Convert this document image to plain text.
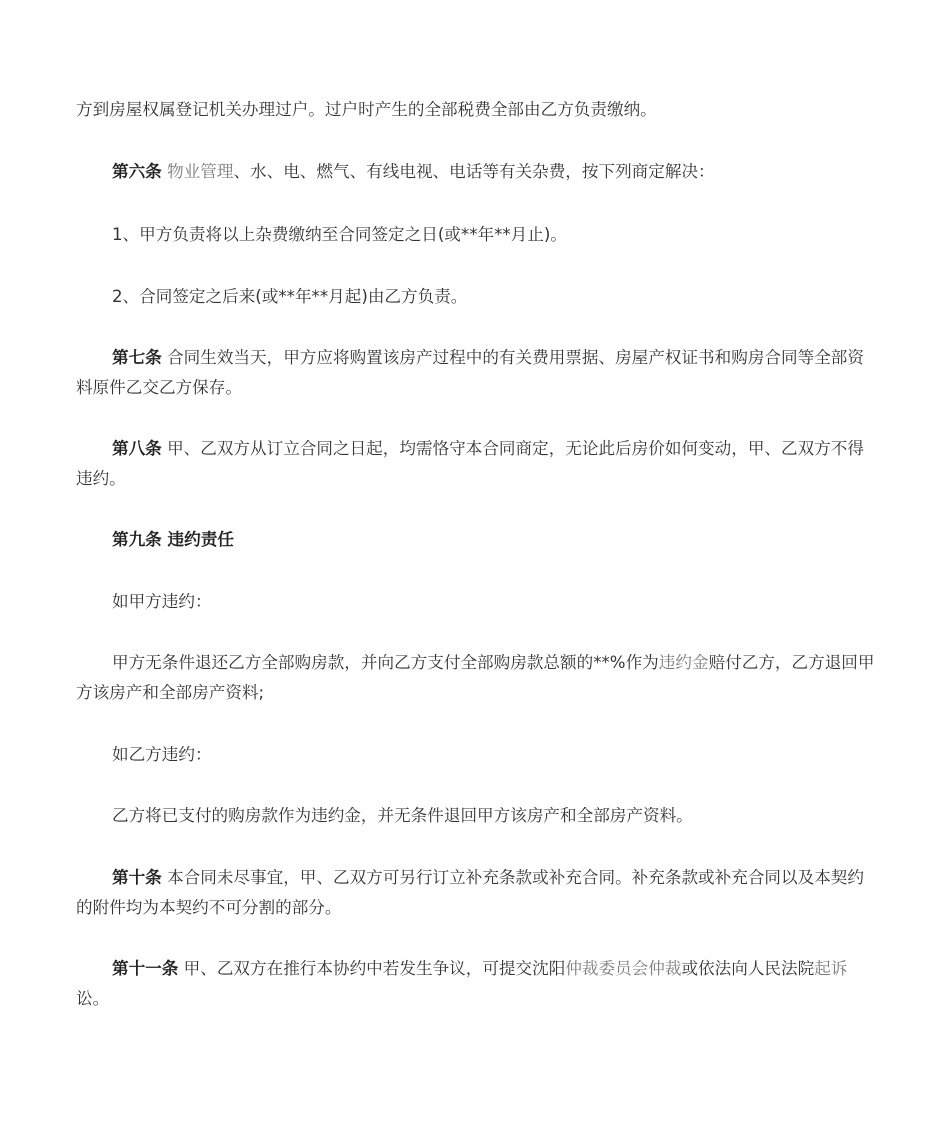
方到房屋权属登记机关办理过户。过户时产生的全部税费全部由乙方负责缴纳。

第六条 物业管理、水、电、燃气、有线电视、电话等有关杂费，按下列商定解决：

1、甲方负责将以上杂费缴纳至合同签定之日(或**年**月止)。

2、合同签定之后来(或**年**月起)由乙方负责。

第七条 合同生效当天，甲方应将购置该房产过程中的有关费用票据、房屋产权证书和购房合同等全部资料原件乙交乙方保存。

第八条 甲、乙双方从订立合同之日起，均需恪守本合同商定，无论此后房价如何变动，甲、乙双方不得违约。

第九条 违约责任

如甲方违约：

甲方无条件退还乙方全部购房款，并向乙方支付全部购房款总额的**%作为违约金赔付乙方，乙方退回甲方该房产和全部房产资料;

如乙方违约：

乙方将已支付的购房款作为违约金，并无条件退回甲方该房产和全部房产资料。

第十条 本合同未尽事宜，甲、乙双方可另行订立补充条款或补充合同。补充条款或补充合同以及本契约的附件均为本契约不可分割的部分。

第十一条 甲、乙双方在推行本协约中若发生争议，可提交沈阳仲裁委员会仲裁或依法向人民法院起诉讼。
